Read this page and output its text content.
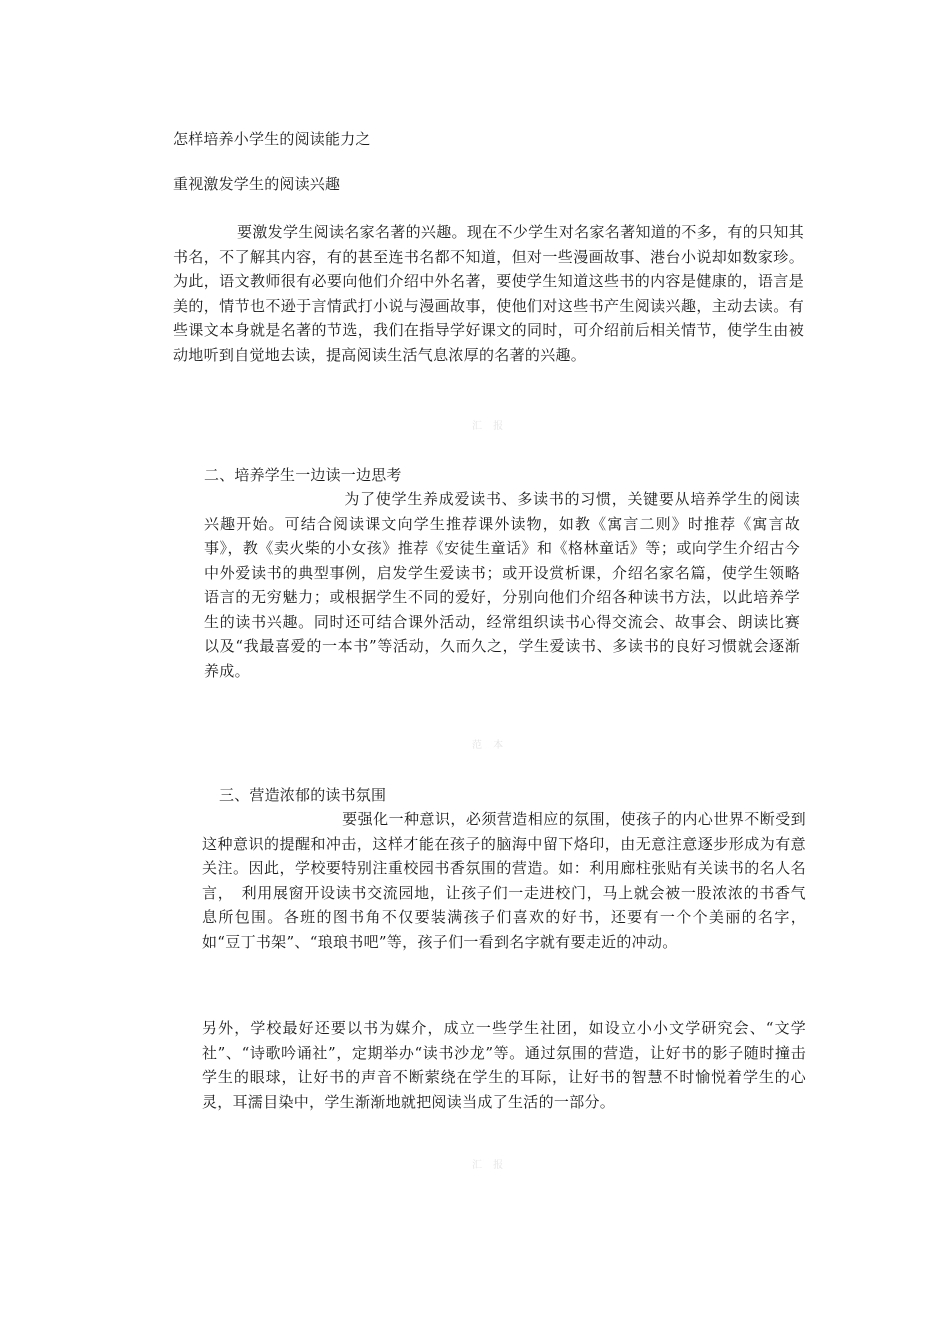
怎样培养小学生的阅读能力之
重视激发学生的阅读兴趣
要激发学生阅读名家名著的兴趣。现在不少学生对名家名著知道的不多，有的只知其书名，不了解其内容，有的甚至连书名都不知道，但对一些漫画故事、港台小说却如数家珍。为此，语文教师很有必要向他们介绍中外名著，要使学生知道这些书的内容是健康的，语言是美的，情节也不逊于言情武打小说与漫画故事，使他们对这些书产生阅读兴趣，主动去读。有些课文本身就是名著的节选，我们在指导学好课文的同时，可介绍前后相关情节，使学生由被动地听到自觉地去读，提高阅读生活气息浓厚的名著的兴趣。
汇 报
二、培养学生一边读一边思考
为了使学生养成爱读书、多读书的习惯，关键要从培养学生的阅读兴趣开始。可结合阅读课文向学生推荐课外读物，如教《寓言二则》时推荐《寓言故事》，教《卖火柴的小女孩》推荐《安徒生童话》和《格林童话》等；或向学生介绍古今中外爱读书的典型事例，启发学生爱读书；或开设赏析课，介绍名家名篇，使学生领略语言的无穷魅力；或根据学生不同的爱好，分别向他们介绍各种读书方法，以此培养学生的读书兴趣。同时还可结合课外活动，经常组织读书心得交流会、故事会、朗读比赛以及“我最喜爱的一本书”等活动，久而久之，学生爱读书、多读书的良好习惯就会逐渐养成。
范 本
三、营造浓郁的读书氛围
要强化一种意识，必须营造相应的氛围，使孩子的内心世界不断受到这种意识的提醒和冲击，这样才能在孩子的脑海中留下烙印，由无意注意逐步形成为有意关注。因此，学校要特别注重校园书香氛围的营造。如：利用廊柱张贴有关读书的名人名言，　利用展窗开设读书交流园地，让孩子们一走进校门，马上就会被一股浓浓的书香气息所包围。各班的图书角不仅要装满孩子们喜欢的好书，还要有一个个美丽的名字，如“豆丁书架”、“琅琅书吧”等，孩子们一看到名字就有要走近的冲动。
另外，学校最好还要以书为媒介，成立一些学生社团，如设立小小文学研究会、“文学社”、“诗歌吟诵社”，定期举办“读书沙龙”等。通过氛围的营造，让好书的影子随时撞击学生的眼球，让好书的声音不断萦绕在学生的耳际，让好书的智慧不时愉悦着学生的心灵，耳濡目染中，学生渐渐地就把阅读当成了生活的一部分。
汇 报
